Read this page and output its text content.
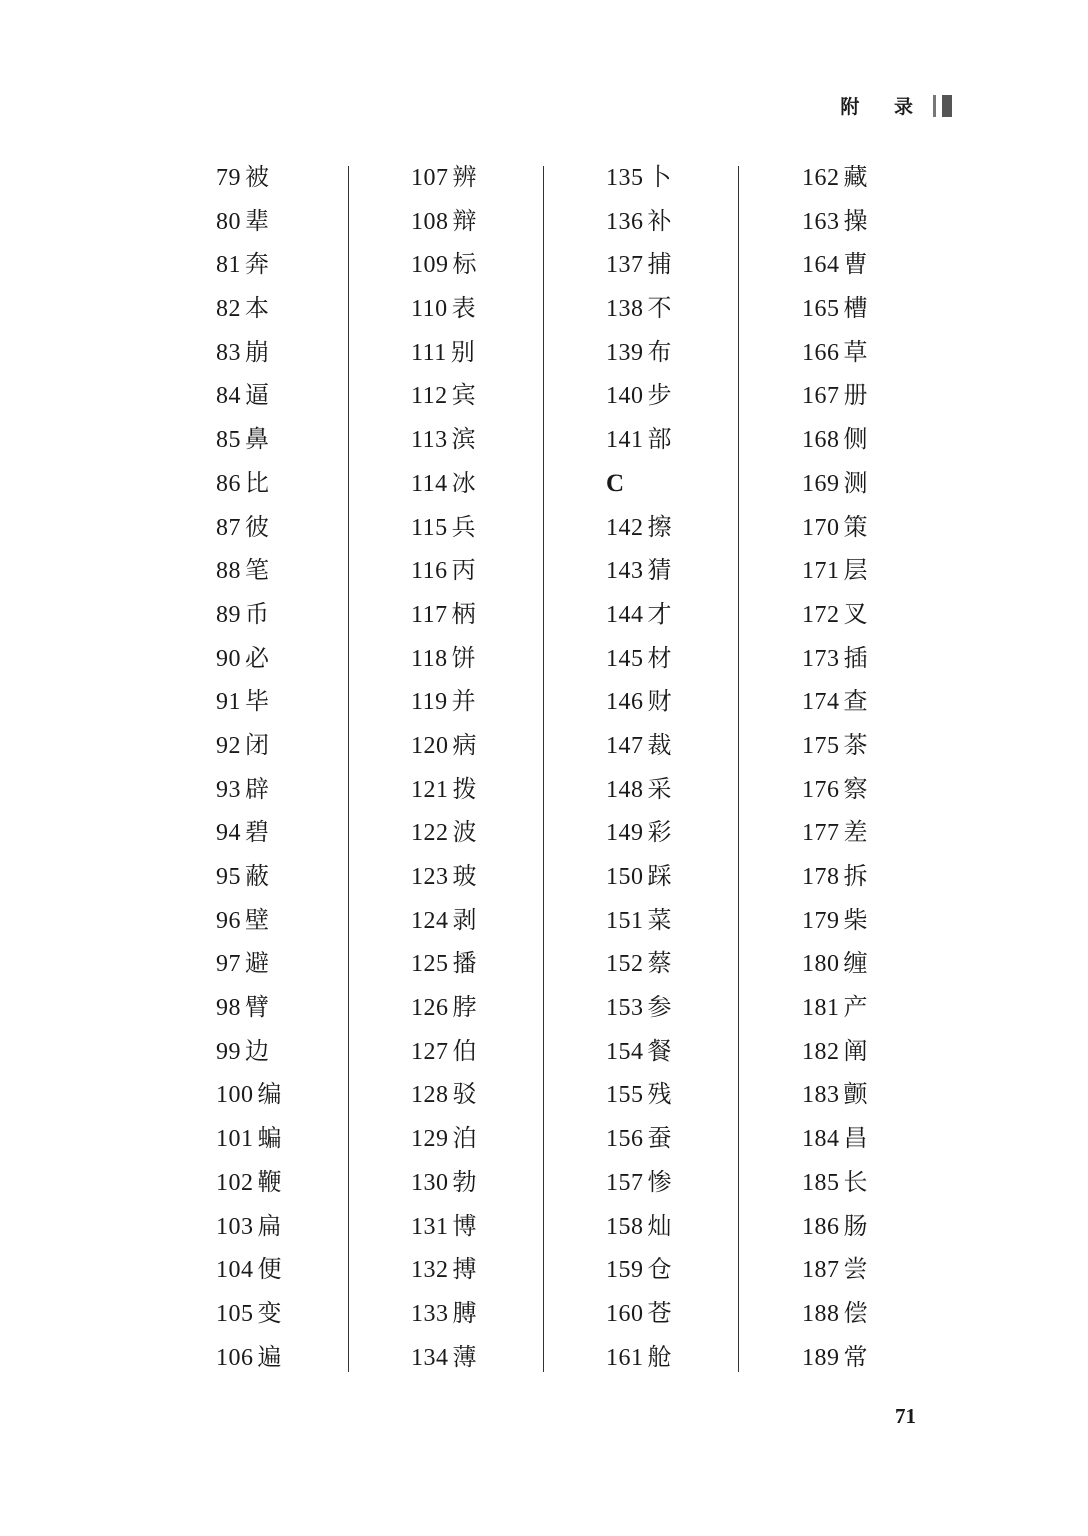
附 录
79 被
80 辈
81 奔
82 本
83 崩
84 逼
85 鼻
86 比
87 彼
88 笔
89 币
90 必
91 毕
92 闭
93 辟
94 碧
95 蔽
96 壁
97 避
98 臂
99 边
100 编
101 蝙
102 鞭
103 扁
104 便
105 变
106 遍
107 辨
108 辩
109 标
110 表
111 别
112 宾
113 滨
114 冰
115 兵
116 丙
117 柄
118 饼
119 并
120 病
121 拨
122 波
123 玻
124 剥
125 播
126 脖
127 伯
128 驳
129 泊
130 勃
131 博
132 搏
133 膊
134 薄
135 卜
136 补
137 捕
138 不
139 布
140 步
141 部
C
142 擦
143 猜
144 才
145 材
146 财
147 裁
148 采
149 彩
150 踩
151 菜
152 蔡
153 参
154 餐
155 残
156 蚕
157 惨
158 灿
159 仓
160 苍
161 舱
162 藏
163 操
164 曹
165 槽
166 草
167 册
168 侧
169 测
170 策
171 层
172 叉
173 插
174 查
175 茶
176 察
177 差
178 拆
179 柴
180 缠
181 产
182 阐
183 颤
184 昌
185 长
186 肠
187 尝
188 偿
189 常
71
